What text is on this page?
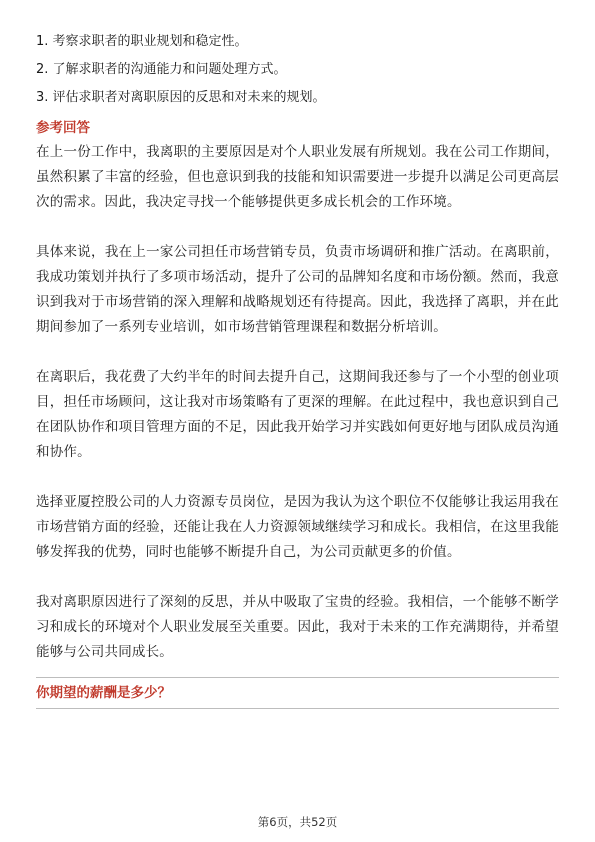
1. 考察求职者的职业规划和稳定性。
2. 了解求职者的沟通能力和问题处理方式。
3. 评估求职者对离职原因的反思和对未来的规划。
参考回答

在上一份工作中，我离职的主要原因是对个人职业发展有所规划。我在公司工作期间，虽然积累了丰富的经验，但也意识到我的技能和知识需要进一步提升以满足公司更高层次的需求。因此，我决定寻找一个能够提供更多成长机会的工作环境。

具体来说，我在上一家公司担任市场营销专员，负责市场调研和推广活动。在离职前，我成功策划并执行了多项市场活动，提升了公司的品牌知名度和市场份额。然而，我意识到我对于市场营销的深入理解和战略规划还有待提高。因此，我选择了离职，并在此期间参加了一系列专业培训，如市场营销管理课程和数据分析培训。

在离职后，我花费了大约半年的时间去提升自己，这期间我还参与了一个小型的创业项目，担任市场顾问，这让我对市场策略有了更深的理解。在此过程中，我也意识到自己在团队协作和项目管理方面的不足，因此我开始学习并实践如何更好地与团队成员沟通和协作。

选择亚厦控股公司的人力资源专员岗位，是因为我认为这个职位不仅能够让我运用我在市场营销方面的经验，还能让我在人力资源领域继续学习和成长。我相信，在这里我能够发挥我的优势，同时也能够不断提升自己，为公司贡献更多的价值。

我对离职原因进行了深刻的反思，并从中吸取了宝贵的经验。我相信，一个能够不断学习和成长的环境对个人职业发展至关重要。因此，我对于未来的工作充满期待，并希望能够与公司共同成长。

你期望的薪酬是多少？
第6页，共52页
